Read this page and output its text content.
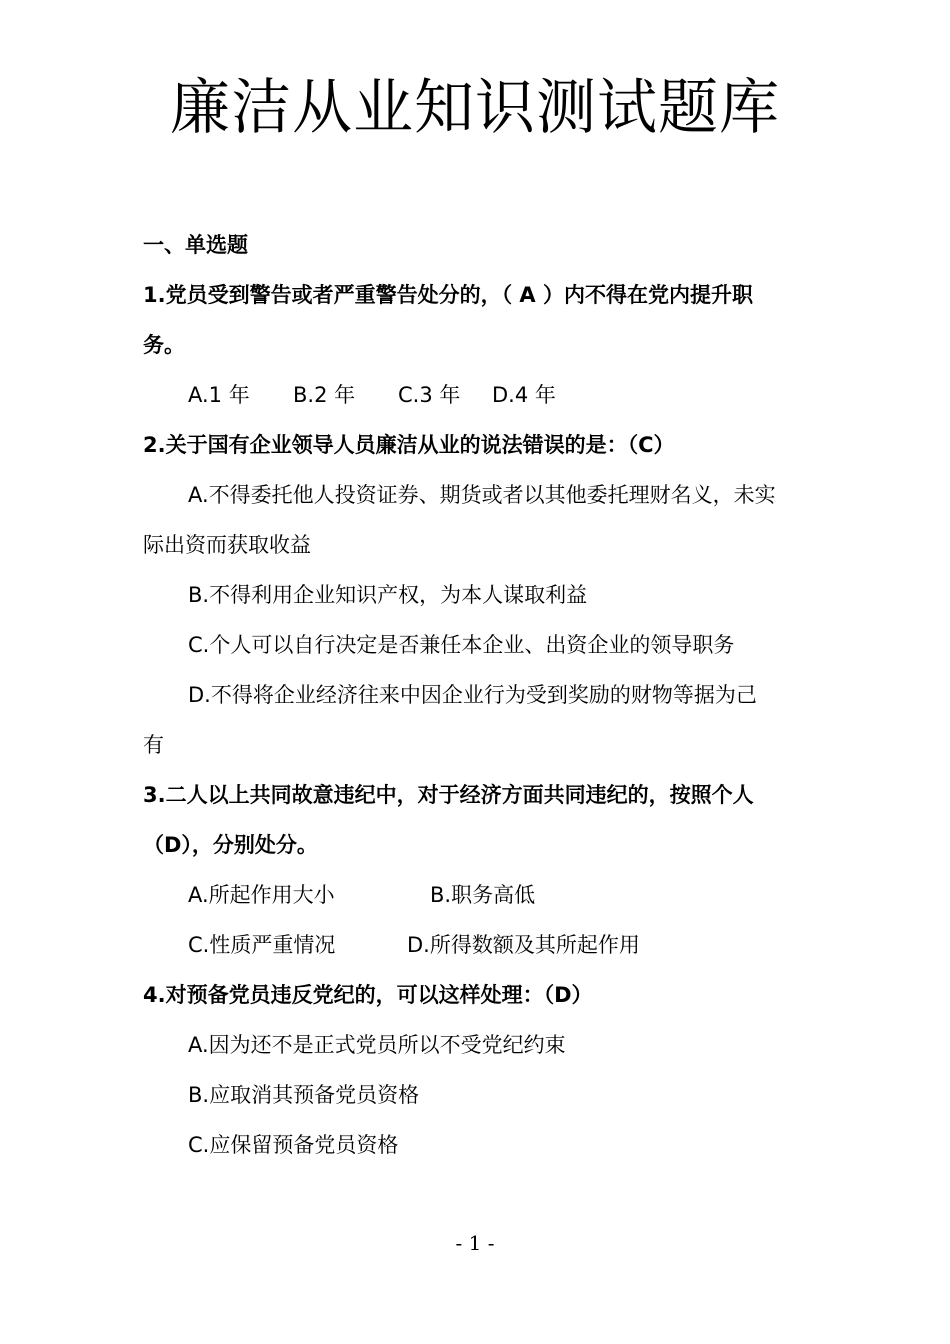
廉洁从业知识测试题库
一、单选题
1.党员受到警告或者严重警告处分的，（ A ）内不得在党内提升职
务。
A.1 年 B.2 年 C.3 年 D.4 年
2.关于国有企业领导人员廉洁从业的说法错误的是：（C）
A.不得委托他人投资证券、期货或者以其他委托理财名义，未实
际出资而获取收益
B.不得利用企业知识产权，为本人谋取利益
C.个人可以自行决定是否兼任本企业、出资企业的领导职务
D.不得将企业经济往来中因企业行为受到奖励的财物等据为己
有
3.二人以上共同故意违纪中，对于经济方面共同违纪的，按照个人
（D），分别处分。
A.所起作用大小	B.职务高低
C.性质严重情况	D.所得数额及其所起作用
4.对预备党员违反党纪的，可以这样处理：（D）
A.因为还不是正式党员所以不受党纪约束
B.应取消其预备党员资格
C.应保留预备党员资格
- 1 -
